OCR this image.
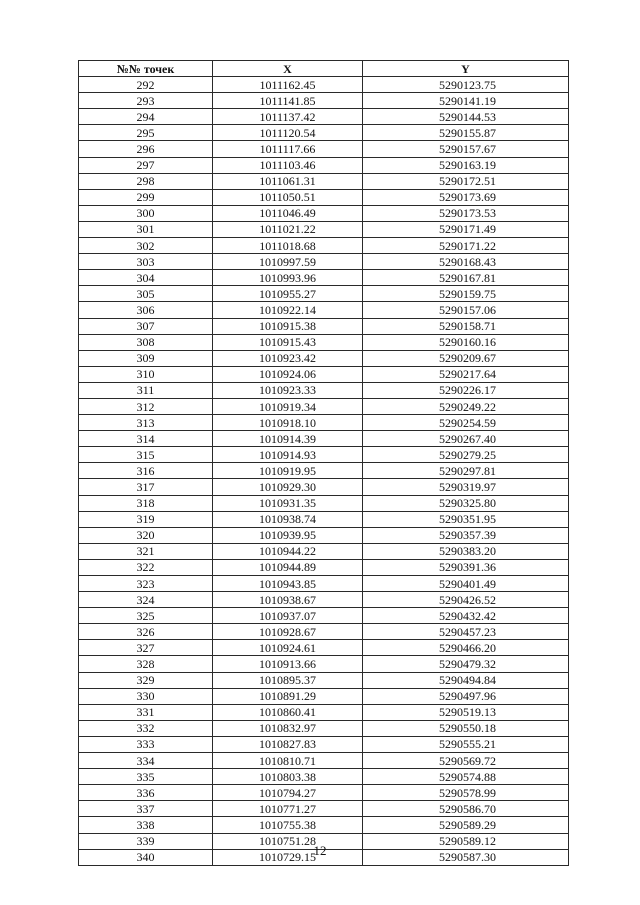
№№ точек	X	Y
292	1011162.45	5290123.75
293	1011141.85	5290141.19
294	1011137.42	5290144.53
295	1011120.54	5290155.87
296	1011117.66	5290157.67
297	1011103.46	5290163.19
298	1011061.31	5290172.51
299	1011050.51	5290173.69
300	1011046.49	5290173.53
301	1011021.22	5290171.49
302	1011018.68	5290171.22
303	1010997.59	5290168.43
304	1010993.96	5290167.81
305	1010955.27	5290159.75
306	1010922.14	5290157.06
307	1010915.38	5290158.71
308	1010915.43	5290160.16
309	1010923.42	5290209.67
310	1010924.06	5290217.64
311	1010923.33	5290226.17
312	1010919.34	5290249.22
313	1010918.10	5290254.59
314	1010914.39	5290267.40
315	1010914.93	5290279.25
316	1010919.95	5290297.81
317	1010929.30	5290319.97
318	1010931.35	5290325.80
319	1010938.74	5290351.95
320	1010939.95	5290357.39
321	1010944.22	5290383.20
322	1010944.89	5290391.36
323	1010943.85	5290401.49
324	1010938.67	5290426.52
325	1010937.07	5290432.42
326	1010928.67	5290457.23
327	1010924.61	5290466.20
328	1010913.66	5290479.32
329	1010895.37	5290494.84
330	1010891.29	5290497.96
331	1010860.41	5290519.13
332	1010832.97	5290550.18
333	1010827.83	5290555.21
334	1010810.71	5290569.72
335	1010803.38	5290574.88
336	1010794.27	5290578.99
337	1010771.27	5290586.70
338	1010755.38	5290589.29
339	1010751.28	5290589.12
340	1010729.15	5290587.30
12
